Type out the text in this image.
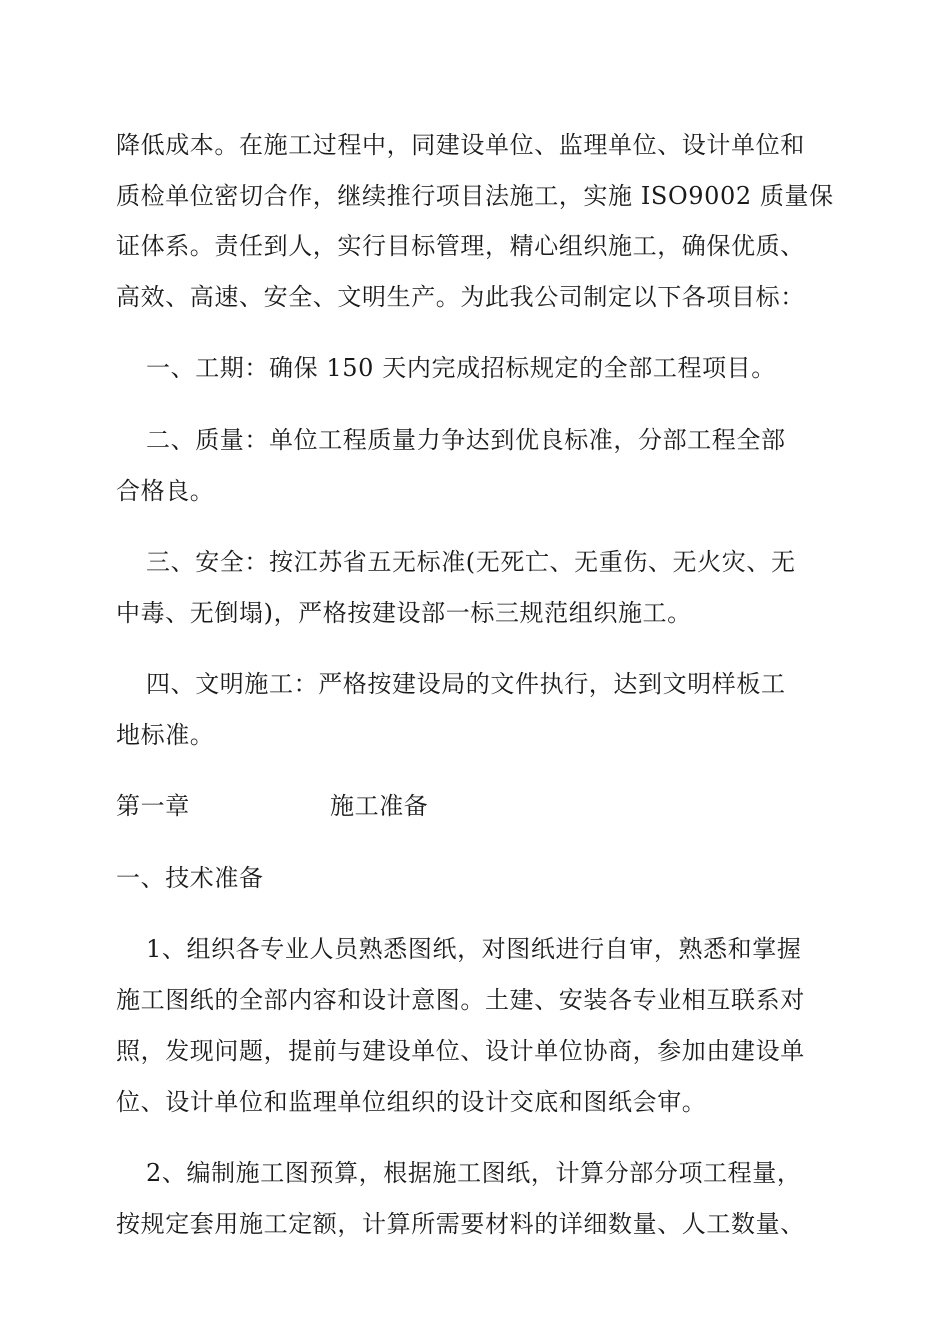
降低成本。在施工过程中，同建设单位、监理单位、设计单位和
质检单位密切合作，继续推行项目法施工，实施 ISO9002 质量保
证体系。责任到人，实行目标管理，精心组织施工，确保优质、
高效、高速、安全、文明生产。为此我公司制定以下各项目标：
一、工期：确保 150 天内完成招标规定的全部工程项目。
二、质量：单位工程质量力争达到优良标准，分部工程全部
合格良。
三、安全：按江苏省五无标准(无死亡、无重伤、无火灾、无
中毒、无倒塌)，严格按建设部一标三规范组织施工。
四、文明施工：严格按建设局的文件执行，达到文明样板工
地标准。
第一章	施工准备
一、技术准备
1、组织各专业人员熟悉图纸，对图纸进行自审，熟悉和掌握
施工图纸的全部内容和设计意图。土建、安装各专业相互联系对
照，发现问题，提前与建设单位、设计单位协商，参加由建设单
位、设计单位和监理单位组织的设计交底和图纸会审。
2、编制施工图预算，根据施工图纸，计算分部分项工程量，
按规定套用施工定额，计算所需要材料的详细数量、人工数量、
